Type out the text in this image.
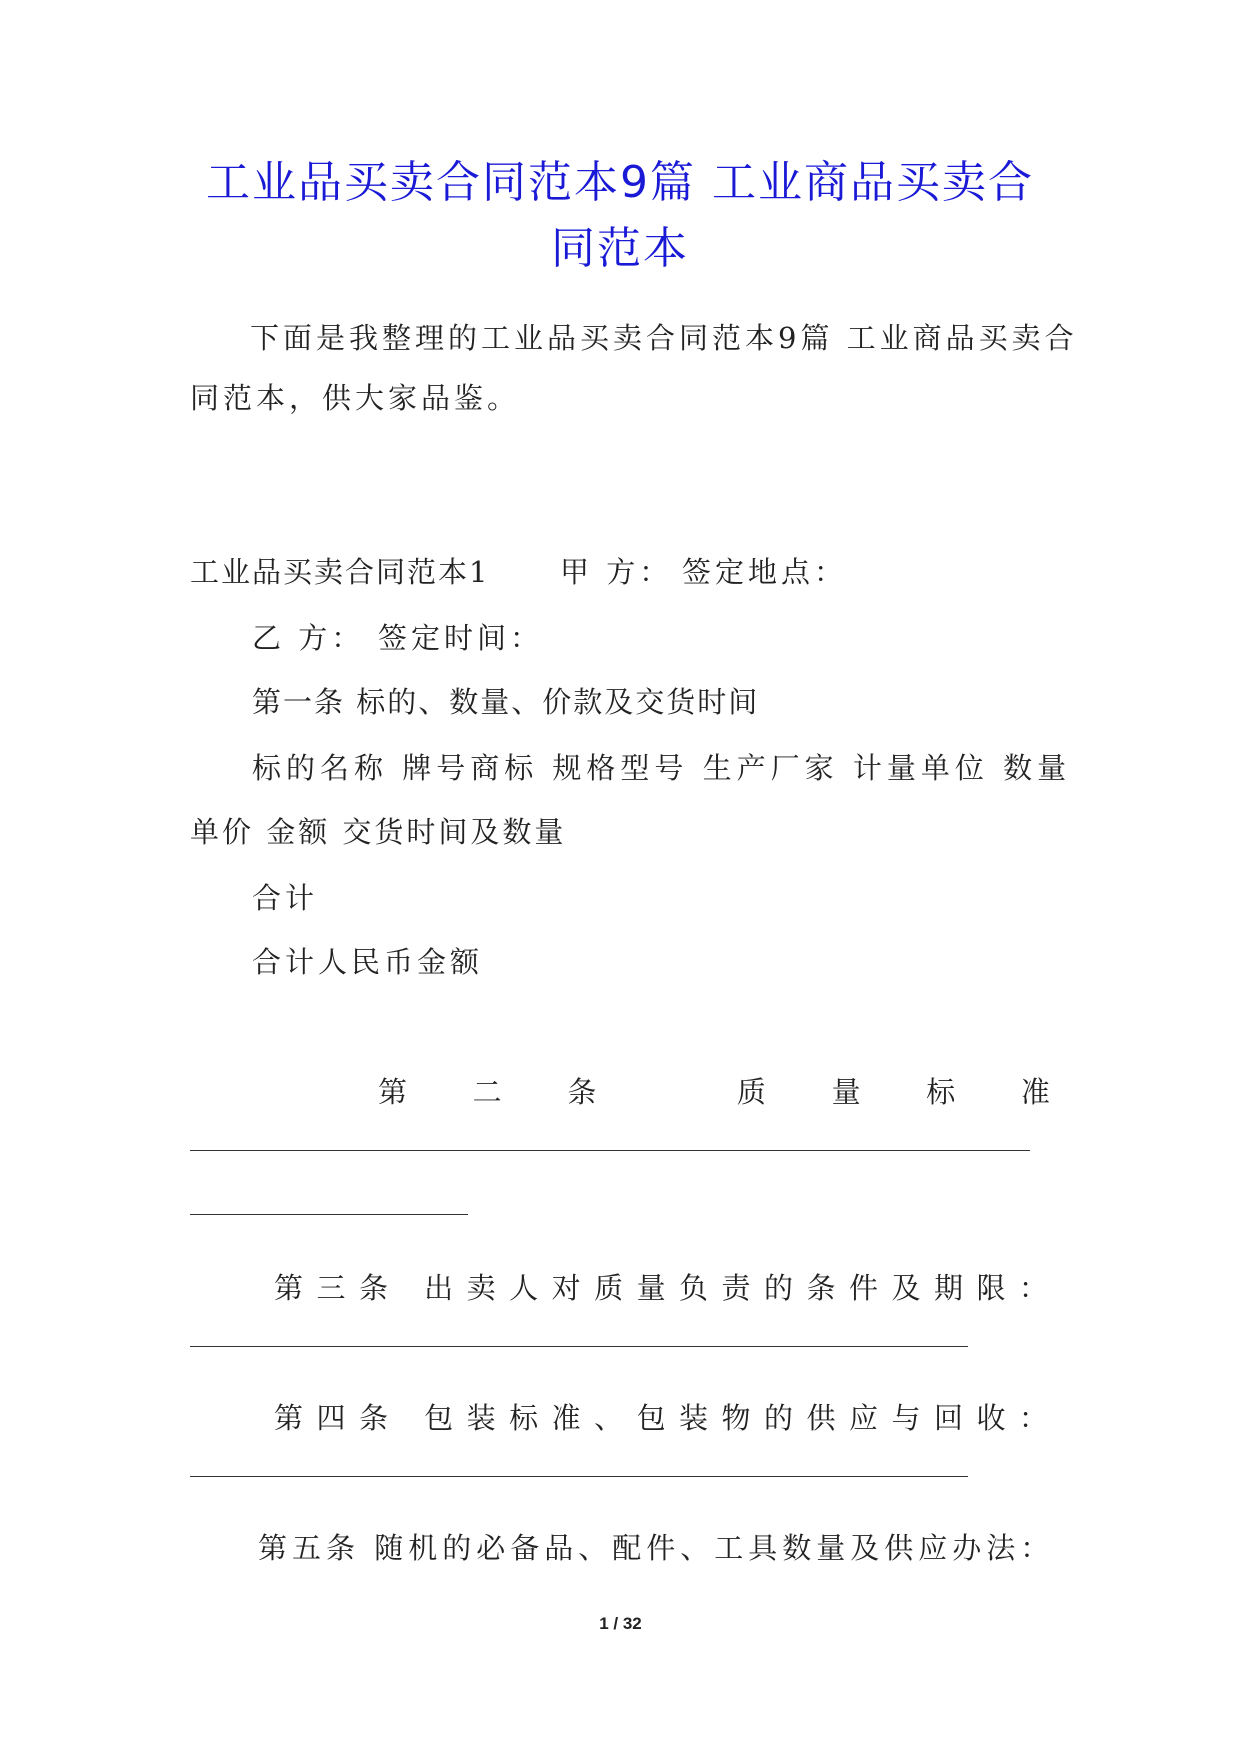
工业品买卖合同范本9篇 工业商品买卖合
同范本
下面是我整理的工业品买卖合同范本9篇 工业商品买卖合
同范本，供大家品鉴。
工业品买卖合同范本1 甲 方： 签定地点：
乙 方： 签定时间：
第一条 标的、数量、价款及交货时间
标的名称 牌号商标 规格型号 生产厂家 计量单位 数量
单价 金额 交货时间及数量
合计
合计人民币金额
第 二 条
	质 量 标 准
第 三 条
出 卖 人 对 质 量 负 责 的 条 件 及 期 限 ：
第 四 条
包 装 标 准 、 包 装 物 的 供 应 与 回 收 ：
第五条 随机的必备品、配件、工具数量及供应办法：
1 / 32
